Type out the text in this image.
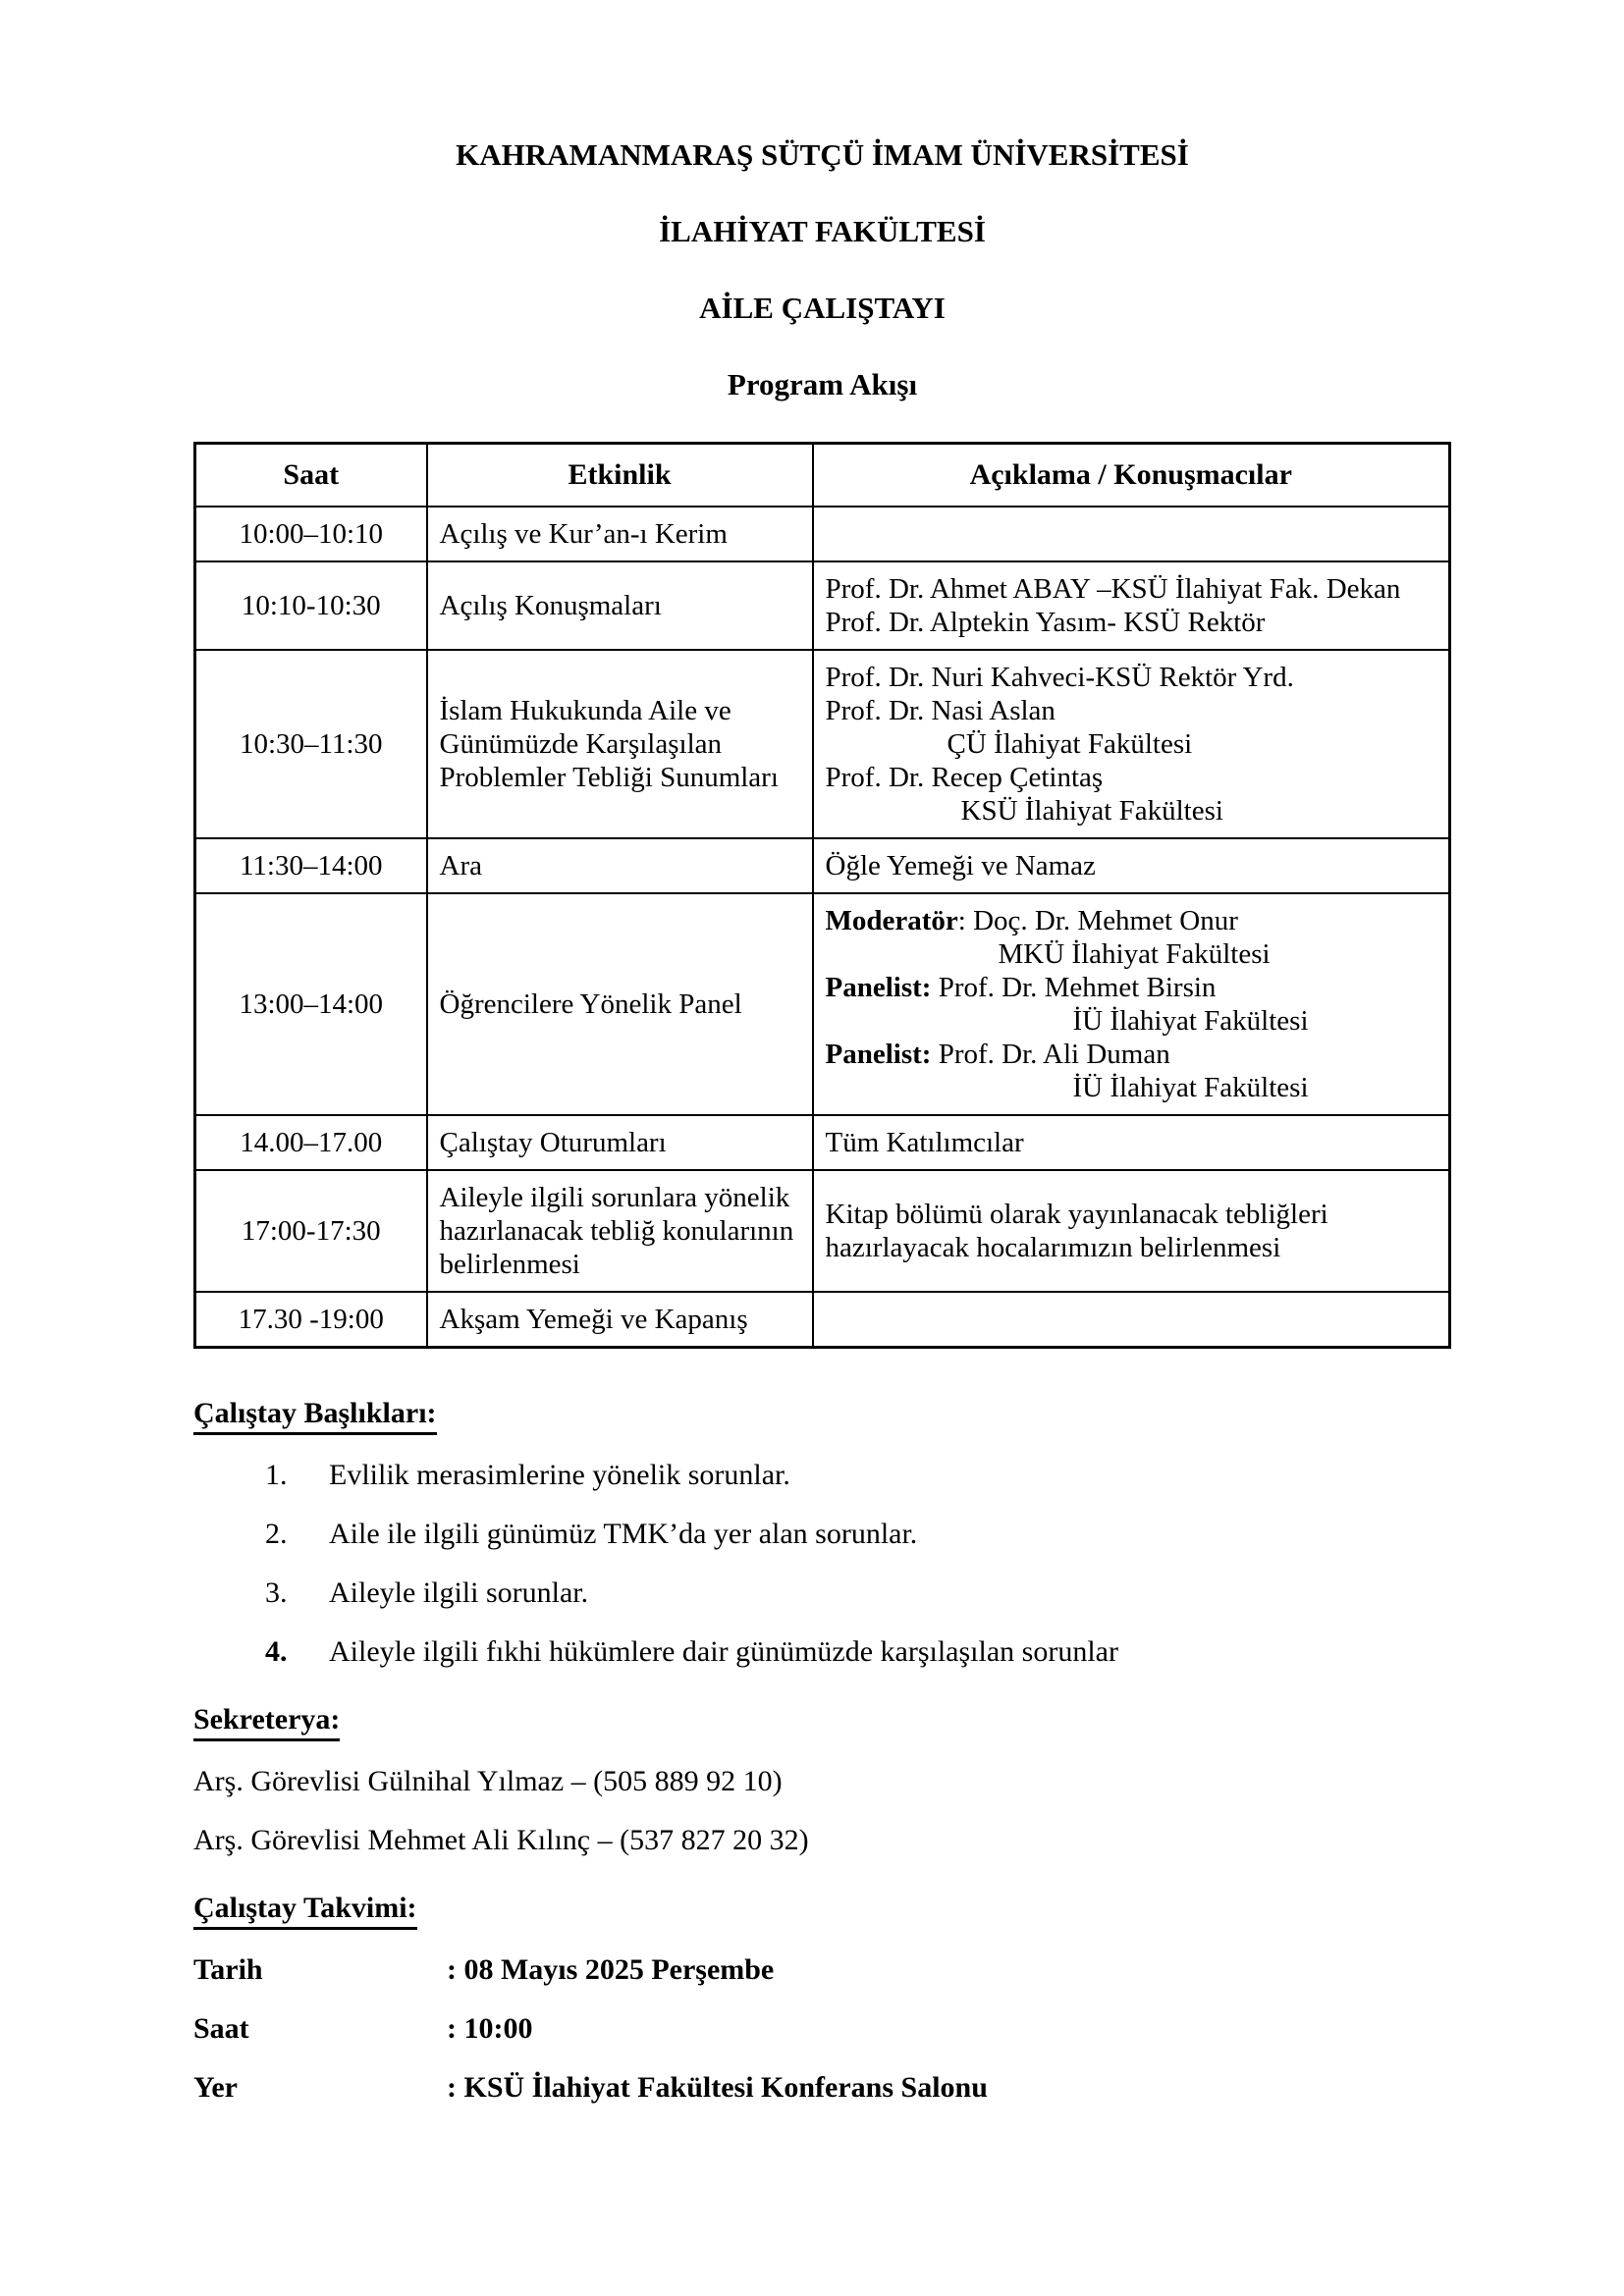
KAHRAMANMARAŞ SÜTÇÜ İMAM ÜNİVERSİTESİ
İLAHİYAT FAKÜLTESİ
AİLE ÇALIŞTAYI
Program Akışı
Saat	Etkinlik	Açıklama / Konuşmacılar
10:00–10:10	Açılış ve Kur’an-ı Kerim	
10:10-10:30	Açılış Konuşmaları	Prof. Dr. Ahmet ABAY –KSÜ İlahiyat Fak. Dekan
Prof. Dr. Alptekin Yasım- KSÜ Rektör

10:30–11:30	İslam Hukukunda Aile ve Günümüzde Karşılaşılan Problemler Tebliği Sunumları	Prof. Dr. Nuri Kahveci-KSÜ Rektör Yrd.
Prof. Dr. Nasi Aslan
ÇÜ İlahiyat Fakültesi
Prof. Dr. Recep Çetintaş
KSÜ İlahiyat Fakültesi

11:30–14:00	Ara	Öğle Yemeği ve Namaz

13:00–14:00	Öğrencilere Yönelik Panel	
Moderatör: Doç. Dr. Mehmet Onur
MKÜ İlahiyat Fakültesi
Panelist: Prof. Dr. Mehmet Birsin
İÜ İlahiyat Fakültesi
Panelist: Prof. Dr. Ali Duman
İÜ İlahiyat Fakültesi

14.00–17.00	Çalıştay Oturumları	Tüm Katılımcılar

17:00-17:30	Aileyle ilgili sorunlara yönelik hazırlanacak tebliğ konularının belirlenmesi	Kitap bölümü olarak yayınlanacak tebliğleri hazırlayacak hocalarımızın belirlenmesi

17.30 -19:00	Akşam Yemeği ve Kapanış	
Çalıştay Başlıkları:
1.	Evlilik merasimlerine yönelik sorunlar.
2.	Aile ile ilgili günümüz TMK’da yer alan sorunlar.
3.	Aileyle ilgili sorunlar.
4.	Aileyle ilgili fıkhi hükümlere dair günümüzde karşılaşılan sorunlar
Sekreterya:

Arş. Görevlisi Gülnihal Yılmaz – (505 889 92 10)

Arş. Görevlisi Mehmet Ali Kılınç – (537 827 20 32)

Çalıştay Takvimi:
Tarih	: 08 Mayıs 2025 Perşembe
Saat	: 10:00
Yer	: KSÜ İlahiyat Fakültesi Konferans Salonu
